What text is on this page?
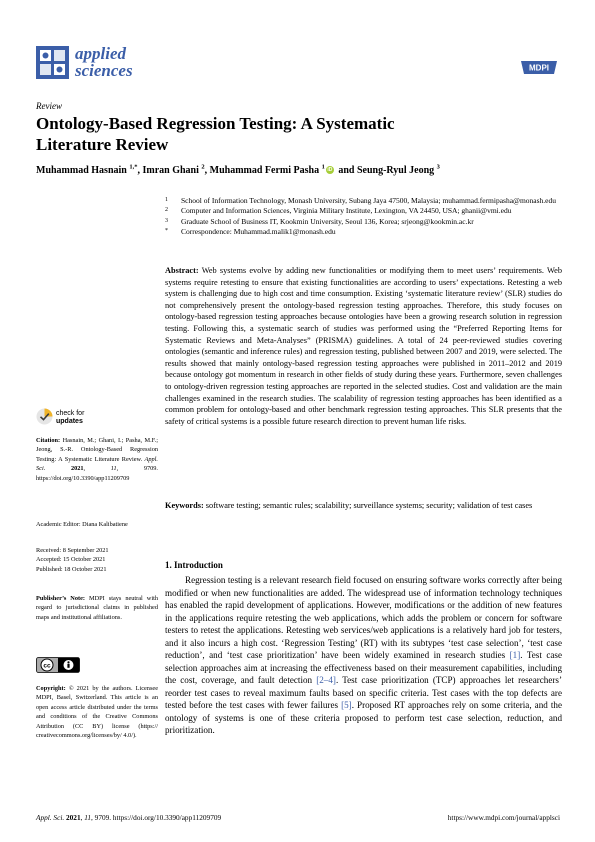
applied
sciences	MDPI
Review
Ontology-Based Regression Testing: A Systematic Literature Review
Muhammad Hasnain $^{1,*}$, Imran Ghani $^2$, Muhammad Fermi Pasha $^1$ iD and Seung-Ryul Jeong $^3$
1 School of Information Technology, Monash University, Subang Jaya 47500, Malaysia; muhammad.fermipasha@monash.edu
2 Computer and Information Sciences, Virginia Military Institute, Lexington, VA 24450, USA; ghanii@vmi.edu
3 Graduate School of Business IT, Kookmin University, Seoul 136, Korea; srjeong@kookmin.ac.kr
* Correspondence: Muhammad.malik1@monash.edu
Abstract: Web systems evolve by adding new functionalities or modifying them to meet users’ requirements. Web systems require retesting to ensure that existing functionalities are according to users’ expectations. Retesting a web system is challenging due to high cost and time consumption. Existing ‘systematic literature review’ (SLR) studies do not comprehensively present the ontology-based regression testing approaches. Therefore, this study focuses on ontology-based regression testing approaches because ontologies have been a growing research solution in regression testing. Following this, a systematic search of studies was performed using the “Preferred Reporting Items for Systematic Reviews and Meta-Analyses” (PRISMA) guidelines. A total of 24 peer-reviewed studies covering ontologies (semantic and inference rules) and regression testing, published between 2007 and 2019, were selected. The results showed that mainly ontology-based regression testing approaches were published in 2011–2012 and 2019 because ontology got momentum in research in other fields of study during these years. Furthermore, seven challenges to ontology-driven regression testing approaches are reported in the selected studies. Cost and validation are the main challenges examined in the research studies. The scalability of regression testing approaches has been identified as a common problem for ontology-based and other benchmark regression testing approaches. This SLR presents that the safety of critical systems is a possible future research direction to prevent human life risks.
Keywords: software testing; semantic rules; scalability; surveillance systems; security; validation of test cases
check for
updates
Citation: Hasnain, M.; Ghani, I.; Pasha, M.F.; Jeong, S.-R. Ontology-Based Regression Testing: A Systematic Literature Review. Appl. Sci.	2021, 11, 9709. https://doi.org/10.3390/app11209709
Academic Editor: Diana Kalibatiene
Received: 8 September 2021
Accepted: 15 October 2021
Published: 18 October 2021
Publisher’s Note: MDPI stays neutral with regard to jurisdictional claims in published maps and institutional affiliations.
cc
Copyright: © 2021 by the authors. Licensee MDPI, Basel, Switzerland. This article is an open access article distributed under the terms and conditions of the Creative Commons Attribution (CC BY) license (https:// creativecommons.org/licenses/by/ 4.0/).
1. Introduction
Regression testing is a relevant research field focused on ensuring software works correctly after being modified or when new functionalities are added. The widespread use of information technology techniques has enabled the rapid development of applications. However, modifications or the addition of new features in the applications require retesting the web applications, which adds the problem or concern for software testers to retest the applications. Retesting web services/web applications is a relatively hard job for testers, and it also incurs a high cost. ‘Regression Testing’ (RT) with its subtypes ‘test case selection’, ‘test case reduction’, and ‘test case prioritization’ have been widely examined in research studies [1]. Test case selection approaches aim at increasing the effectiveness based on their measurement capabilities, including the cost, coverage, and fault detection [2–4]. Test case prioritization (TCP) approaches let researchers’ reorder test cases to reveal maximum faults based on specific criteria. Test cases with the top defects are tested before the test cases with fewer failures [5]. Proposed RT approaches rely on some criteria, and the ontology of systems is one of these criteria proposed to perform test case selection, reduction, and prioritization.
Appl. Sci. 2021, 11, 9709. https://doi.org/10.3390/app11209709	https://www.mdpi.com/journal/applsci
